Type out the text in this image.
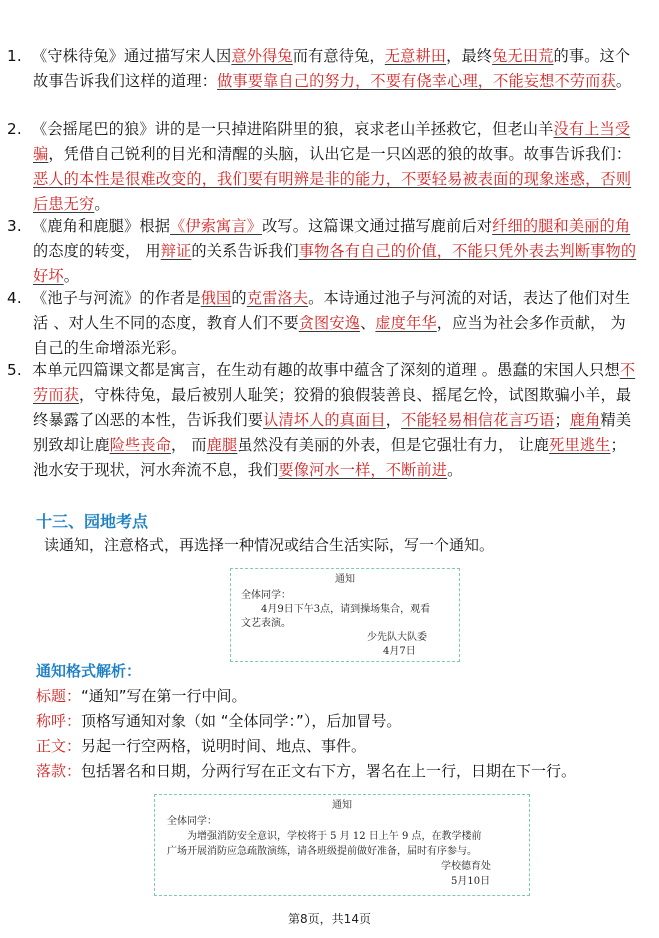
1. 《守株待兔》通过描写宋人因意外得兔而有意待兔，无意耕田，最终兔无田荒的事。这个故事告诉我们这样的道理：做事要靠自己的努力，不要有侥幸心理，不能妄想不劳而获。
2. 《会摇尾巴的狼》讲的是一只掉进陷阱里的狼，哀求老山羊拯救它，但老山羊没有上当受骗，凭借自己锐利的目光和清醒的头脑，认出它是一只凶恶的狼的故事。故事告诉我们：恶人的本性是很难改变的，我们要有明辨是非的能力，不要轻易被表面的现象迷惑，否则后患无穷。
3. 《鹿角和鹿腿》根据《伊索寓言》改写。这篇课文通过描写鹿前后对纤细的腿和美丽的角的态度的转变， 用辩证的关系告诉我们事物各有自己的价值，不能只凭外表去判断事物的好坏。
4. 《池子与河流》的作者是俄国的克雷洛夫。本诗通过池子与河流的对话，表达了他们对生活 、对人生不同的态度，教育人们不要贪图安逸、虚度年华，应当为社会多作贡献， 为自己的生命增添光彩。
5. 本单元四篇课文都是寓言，在生动有趣的故事中蕴含了深刻的道理 。愚蠢的宋国人只想不劳而获，守株待兔，最后被别人耻笑；狡猾的狼假装善良、摇尾乞怜，试图欺骗小羊，最终暴露了凶恶的本性，告诉我们要认清坏人的真面目，不能轻易相信花言巧语；鹿角精美别致却让鹿险些丧命， 而鹿腿虽然没有美丽的外表，但是它强壮有力， 让鹿死里逃生；池水安于现状，河水奔流不息，我们要像河水一样，不断前进。
十三、园地考点
读通知，注意格式，再选择一种情况或结合生活实际，写一个通知。
通知
全体同学：
4月9日下午3点，请到操场集合，观看
文艺表演。
少先队大队委
4月7日
通知格式解析：
标题：“通知”写在第一行中间。
称呼：顶格写通知对象（如 “全体同学：”），后加冒号。
正文：另起一行空两格，说明时间、地点、事件。
落款：包括署名和日期，分两行写在正文右下方，署名在上一行，日期在下一行。
通知
全体同学：
为增强消防安全意识，学校将于 5 月 12 日上午 9 点，在教学楼前
广场开展消防应急疏散演练，请各班级提前做好准备，届时有序参与。
学校德育处
5月10日
第8页，共14页
